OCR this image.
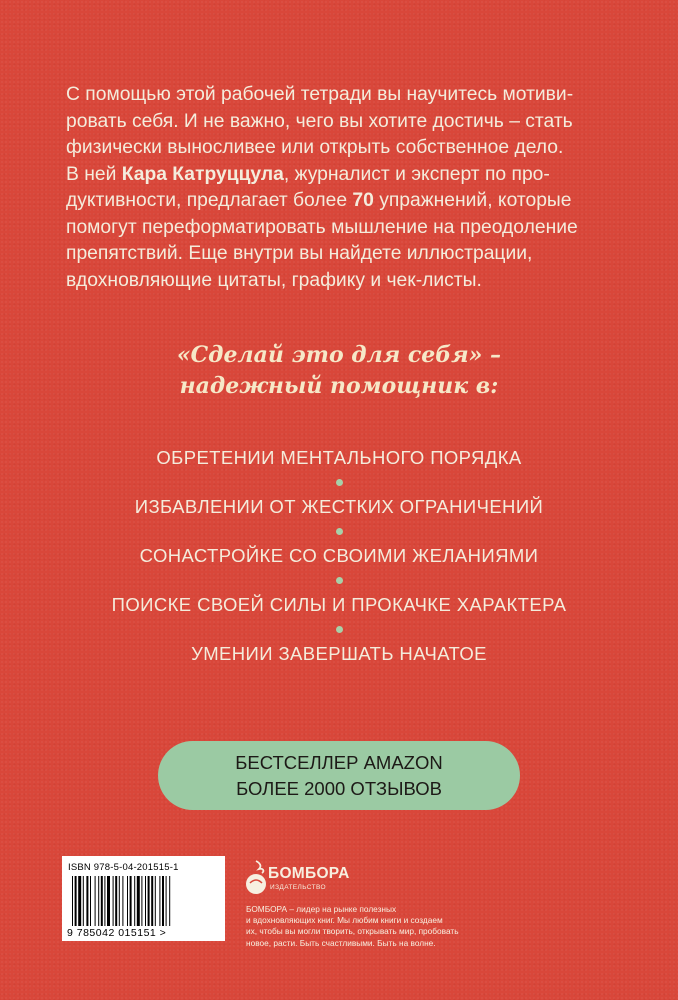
С помощью этой рабочей тетради вы научитесь мотиви-

ровать себя. И не важно, чего вы хотите достичь – стать

физически выносливее или открыть собственное дело.

В ней Кара Катруццула, журналист и эксперт по про-

дуктивности, предлагает более 70 упражнений, которые

помогут переформатировать мышление на преодоление

препятствий. Еще внутри вы найдете иллюстрации,

вдохновляющие цитаты, графику и чек-листы.

«Сделай это для себя» –
надежный помощник в:
ОБРЕТЕНИИ МЕНТАЛЬНОГО ПОРЯДКА
ИЗБАВЛЕНИИ ОТ ЖЕСТКИХ ОГРАНИЧЕНИЙ
СОНАСТРОЙКЕ СО СВОИМИ ЖЕЛАНИЯМИ
ПОИСКЕ СВОЕЙ СИЛЫ И ПРОКАЧКЕ ХАРАКТЕРА
УМЕНИИ ЗАВЕРШАТЬ НАЧАТОЕ
БЕСТСЕЛЛЕР AMAZON
БОЛЕЕ 2000 ОТЗЫВОВ
ISBN 978-5-04-201515-1
9 785042 015151 >
БОМБОРА
ИЗДАТЕЛЬСТВО

БОМБОРА – лидер на рынке полезных

и вдохновляющих книг. Мы любим книги и создаем

их, чтобы вы могли творить, открывать мир, пробовать

новое, расти. Быть счастливыми. Быть на волне.
